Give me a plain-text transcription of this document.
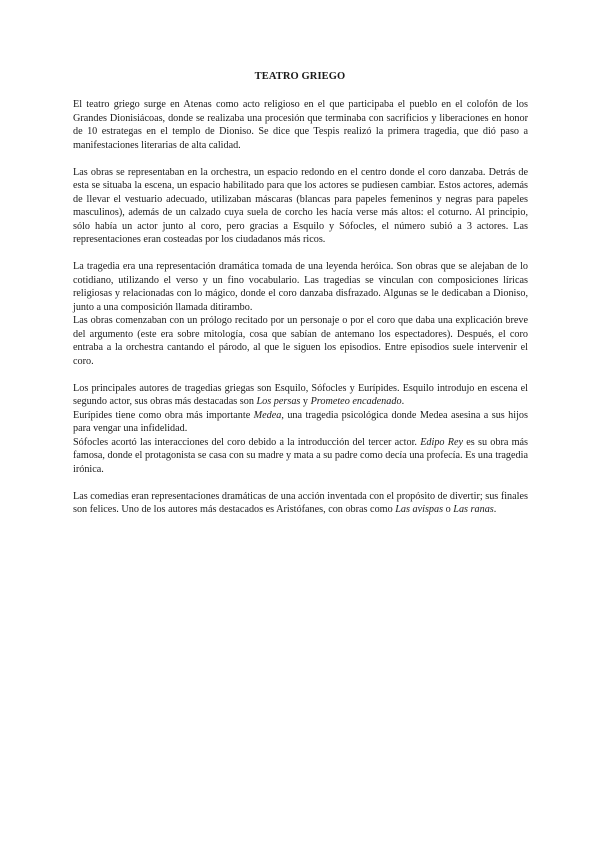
TEATRO GRIEGO

El teatro griego surge en Atenas como acto religioso en el que participaba el pueblo en el colofón de los Grandes Dionisiácoas, donde se realizaba una procesión que terminaba con sacrificios y liberaciones en honor de 10 estrategas en el templo de Dioniso. Se dice que Tespis realizó la primera tragedia, que dió paso a manifestaciones literarias de alta calidad.

Las obras se representaban en la orchestra, un espacio redondo en el centro donde el coro danzaba. Detrás de esta se situaba la escena, un espacio habilitado para que los actores se pudiesen cambiar. Estos actores, además de llevar el vestuario adecuado, utilizaban máscaras (blancas para papeles femeninos y negras para papeles masculinos), además de un calzado cuya suela de corcho les hacía verse más altos: el coturno. Al principio, sólo había un actor junto al coro, pero gracias a Esquilo y Sófocles, el número subió a 3 actores. Las representaciones eran costeadas por los ciudadanos más ricos.

La tragedia era una representación dramática tomada de una leyenda heróica. Son obras que se alejaban de lo cotidiano, utilizando el verso y un fino vocabulario. Las tragedias se vinculan con composiciones líricas religiosas y relacionadas con lo mágico, donde el coro danzaba disfrazado. Algunas se le dedicaban a Dioniso, junto a una composición llamada ditirambo.

Las obras comenzaban con un prólogo recitado por un personaje o por el coro que daba una explicación breve del argumento (este era sobre mitología, cosa que sabían de antemano los espectadores). Después, el coro entraba a la orchestra cantando el párodo, al que le siguen los episodios. Entre episodios suele intervenir el coro.

Los principales autores de tragedias griegas son Esquilo, Sófocles y Eurípides. Esquilo introdujo en escena el segundo actor, sus obras más destacadas son Los persas y Prometeo encadenado.

Eurípides tiene como obra más importante Medea, una tragedia psicológica donde Medea asesina a sus hijos para vengar una infidelidad.

Sófocles acortó las interacciones del coro debido a la introducción del tercer actor. Edipo Rey es su obra más famosa, donde el protagonista se casa con su madre y mata a su padre como decía una profecía. Es una tragedia irónica.

Las comedias eran representaciones dramáticas de una acción inventada con el propósito de divertir; sus finales son felices. Uno de los autores más destacados es Aristófanes, con obras como Las avispas o Las ranas.
